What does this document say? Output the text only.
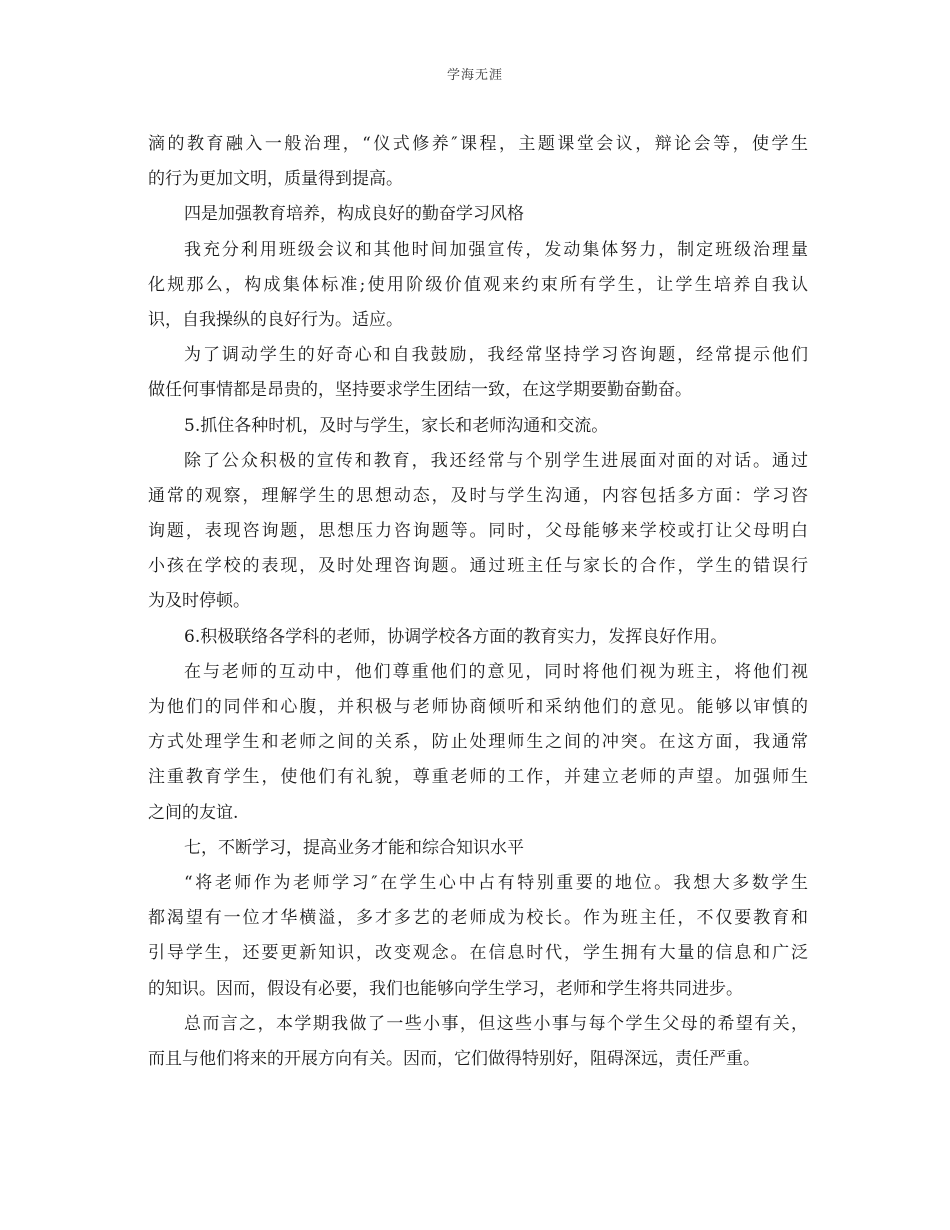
学海无涯
滴的教育融入一般治理，“仪式修养″课程，主题课堂会议，辩论会等，使学生
的行为更加文明，质量得到提高。
四是加强教育培养，构成良好的勤奋学习风格
我充分利用班级会议和其他时间加强宣传，发动集体努力，制定班级治理量
化规那么，构成集体标准;使用阶级价值观来约束所有学生，让学生培养自我认
识，自我操纵的良好行为。适应。
为了调动学生的好奇心和自我鼓励，我经常坚持学习咨询题，经常提示他们
做任何事情都是昂贵的，坚持要求学生团结一致，在这学期要勤奋勤奋。
5.抓住各种时机，及时与学生，家长和老师沟通和交流。
除了公众积极的宣传和教育，我还经常与个别学生进展面对面的对话。通过
通常的观察，理解学生的思想动态，及时与学生沟通，内容包括多方面：学习咨
询题，表现咨询题，思想压力咨询题等。同时，父母能够来学校或打让父母明白
小孩在学校的表现，及时处理咨询题。通过班主任与家长的合作，学生的错误行
为及时停顿。
6.积极联络各学科的老师，协调学校各方面的教育实力，发挥良好作用。
在与老师的互动中，他们尊重他们的意见，同时将他们视为班主，将他们视
为他们的同伴和心腹，并积极与老师协商倾听和采纳他们的意见。能够以审慎的
方式处理学生和老师之间的关系，防止处理师生之间的冲突。在这方面，我通常
注重教育学生，使他们有礼貌，尊重老师的工作，并建立老师的声望。加强师生
之间的友谊.
七，不断学习，提高业务才能和综合知识水平
“将老师作为老师学习″在学生心中占有特别重要的地位。我想大多数学生
都渴望有一位才华横溢，多才多艺的老师成为校长。作为班主任，不仅要教育和
引导学生，还要更新知识，改变观念。在信息时代，学生拥有大量的信息和广泛
的知识。因而，假设有必要，我们也能够向学生学习，老师和学生将共同进步。
总而言之，本学期我做了一些小事，但这些小事与每个学生父母的希望有关，
而且与他们将来的开展方向有关。因而，它们做得特别好，阻碍深远，责任严重。
